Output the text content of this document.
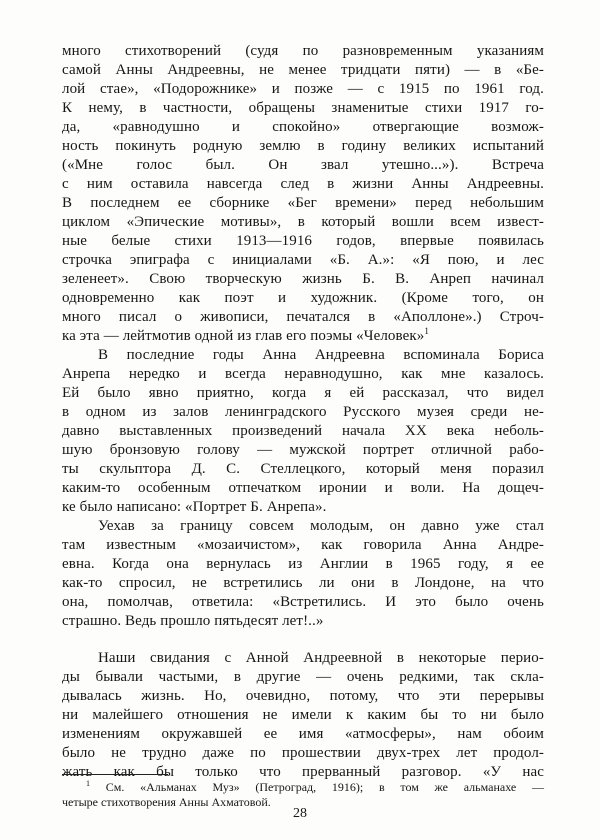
много стихотворений (судя по разновременным указаниям
самой Анны Андреевны, не менее тридцати пяти) — в «Бе-
лой стае», «Подорожнике» и позже — с 1915 по 1961 год.
К нему, в частности, обращены знаменитые стихи 1917 го-
да, «равнодушно и спокойно» отвергающие возмож-
ность покинуть родную землю в годину великих испытаний
(«Мне голос был. Он звал утешно...»). Встреча
с ним оставила навсегда след в жизни Анны Андреевны.
В последнем ее сборнике «Бег времени» перед небольшим
циклом «Эпические мотивы», в который вошли всем извест-
ные белые стихи 1913—1916 годов, впервые появилась
строчка эпиграфа с инициалами «Б. А.»: «Я пою, и лес
зеленеет». Свою творческую жизнь Б. В. Анреп начинал
одновременно как поэт и художник. (Кроме того, он
много писал о живописи, печатался в «Аполлоне».) Строч-
ка эта — лейтмотив одной из глав его поэмы «Человек»$^1$
В последние годы Анна Андреевна вспоминала Бориса
Анрепа нередко и всегда неравнодушно, как мне казалось.
Ей было явно приятно, когда я ей рассказал, что видел
в одном из залов ленинградского Русского музея среди не-
давно выставленных произведений начала XX века неболь-
шую бронзовую голову — мужской портрет отличной рабо-
ты скульптора Д. С. Стеллецкого, который меня поразил
каким-то особенным отпечатком иронии и воли. На дощеч-
ке было написано: «Портрет Б. Анрепа».
Уехав за границу совсем молодым, он давно уже стал
там известным «мозаичистом», как говорила Анна Андре-
евна. Когда она вернулась из Англии в 1965 году, я ее
как-то спросил, не встретились ли они в Лондоне, на что
она, помолчав, ответила: «Встретились. И это было очень
страшно. Ведь прошло пятьдесят лет!..»
Наши свидания с Анной Андреевной в некоторые перио-
ды бывали частыми, в другие — очень редкими, так скла-
дывалась жизнь. Но, очевидно, потому, что эти перерывы
ни малейшего отношения не имели к каким бы то ни было
изменениям окружавшей ее имя «атмосферы», нам обоим
было не трудно даже по прошествии двух-трех лет продол-
жать как бы только что прерванный разговор. «У нас
$^1$ См. «Альманах Муз» (Петроград, 1916); в том же альманахе —
четыре стихотворения Анны Ахматовой.
28
